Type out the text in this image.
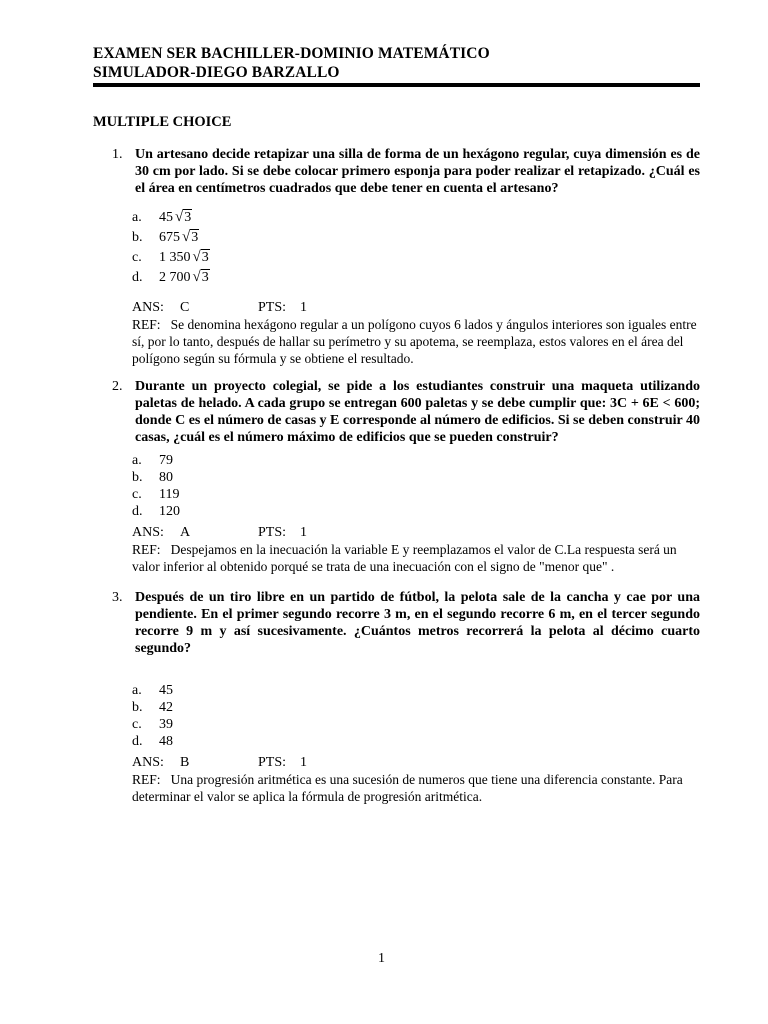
EXAMEN SER BACHILLER-DOMINIO MATEMÁTICO
SIMULADOR-DIEGO BARZALLO
MULTIPLE CHOICE
1. Un artesano decide retapizar una silla de forma de un hexágono regular, cuya dimensión es de 30 cm por lado. Si se debe colocar primero esponja para poder realizar el retapizado. ¿Cuál es el área en centímetros cuadrados que debe tener en cuenta el artesano?
a.	45 √3
b.	675 √3
c.	1 350 √3
d.	2 700 √3
ANS: C	PTS: 1
REF: Se denomina hexágono regular a un polígono cuyos 6 lados y ángulos interiores son iguales entre sí, por lo tanto, después de hallar su perímetro y su apotema, se reemplaza, estos valores en el área del polígono según su fórmula y se obtiene el resultado.
2. Durante un proyecto colegial, se pide a los estudiantes construir una maqueta utilizando paletas de helado. A cada grupo se entregan 600 paletas y se debe cumplir que: 3C + 6E < 600; donde C es el número de casas y E corresponde al número de edificios. Si se deben construir 40 casas, ¿cuál es el número máximo de edificios que se pueden construir?
a.	79
b.	80
c.	119
d.	120
ANS: A	PTS: 1
REF: Despejamos en la inecuación la variable E y reemplazamos el valor de C.La respuesta será un valor inferior al obtenido porqué se trata de una inecuación con el signo de "menor que" .
3. Después de un tiro libre en un partido de fútbol, la pelota sale de la cancha y cae por una pendiente. En el primer segundo recorre 3 m, en el segundo recorre 6 m, en el tercer segundo recorre 9 m y así sucesivamente. ¿Cuántos metros recorrerá la pelota al décimo cuarto segundo?
a.	45
b.	42
c.	39
d.	48
ANS: B	PTS: 1
REF: Una progresión aritmética es una sucesión de numeros que tiene una diferencia constante. Para determinar el valor se aplica la fórmula de progresión aritmética.
1
